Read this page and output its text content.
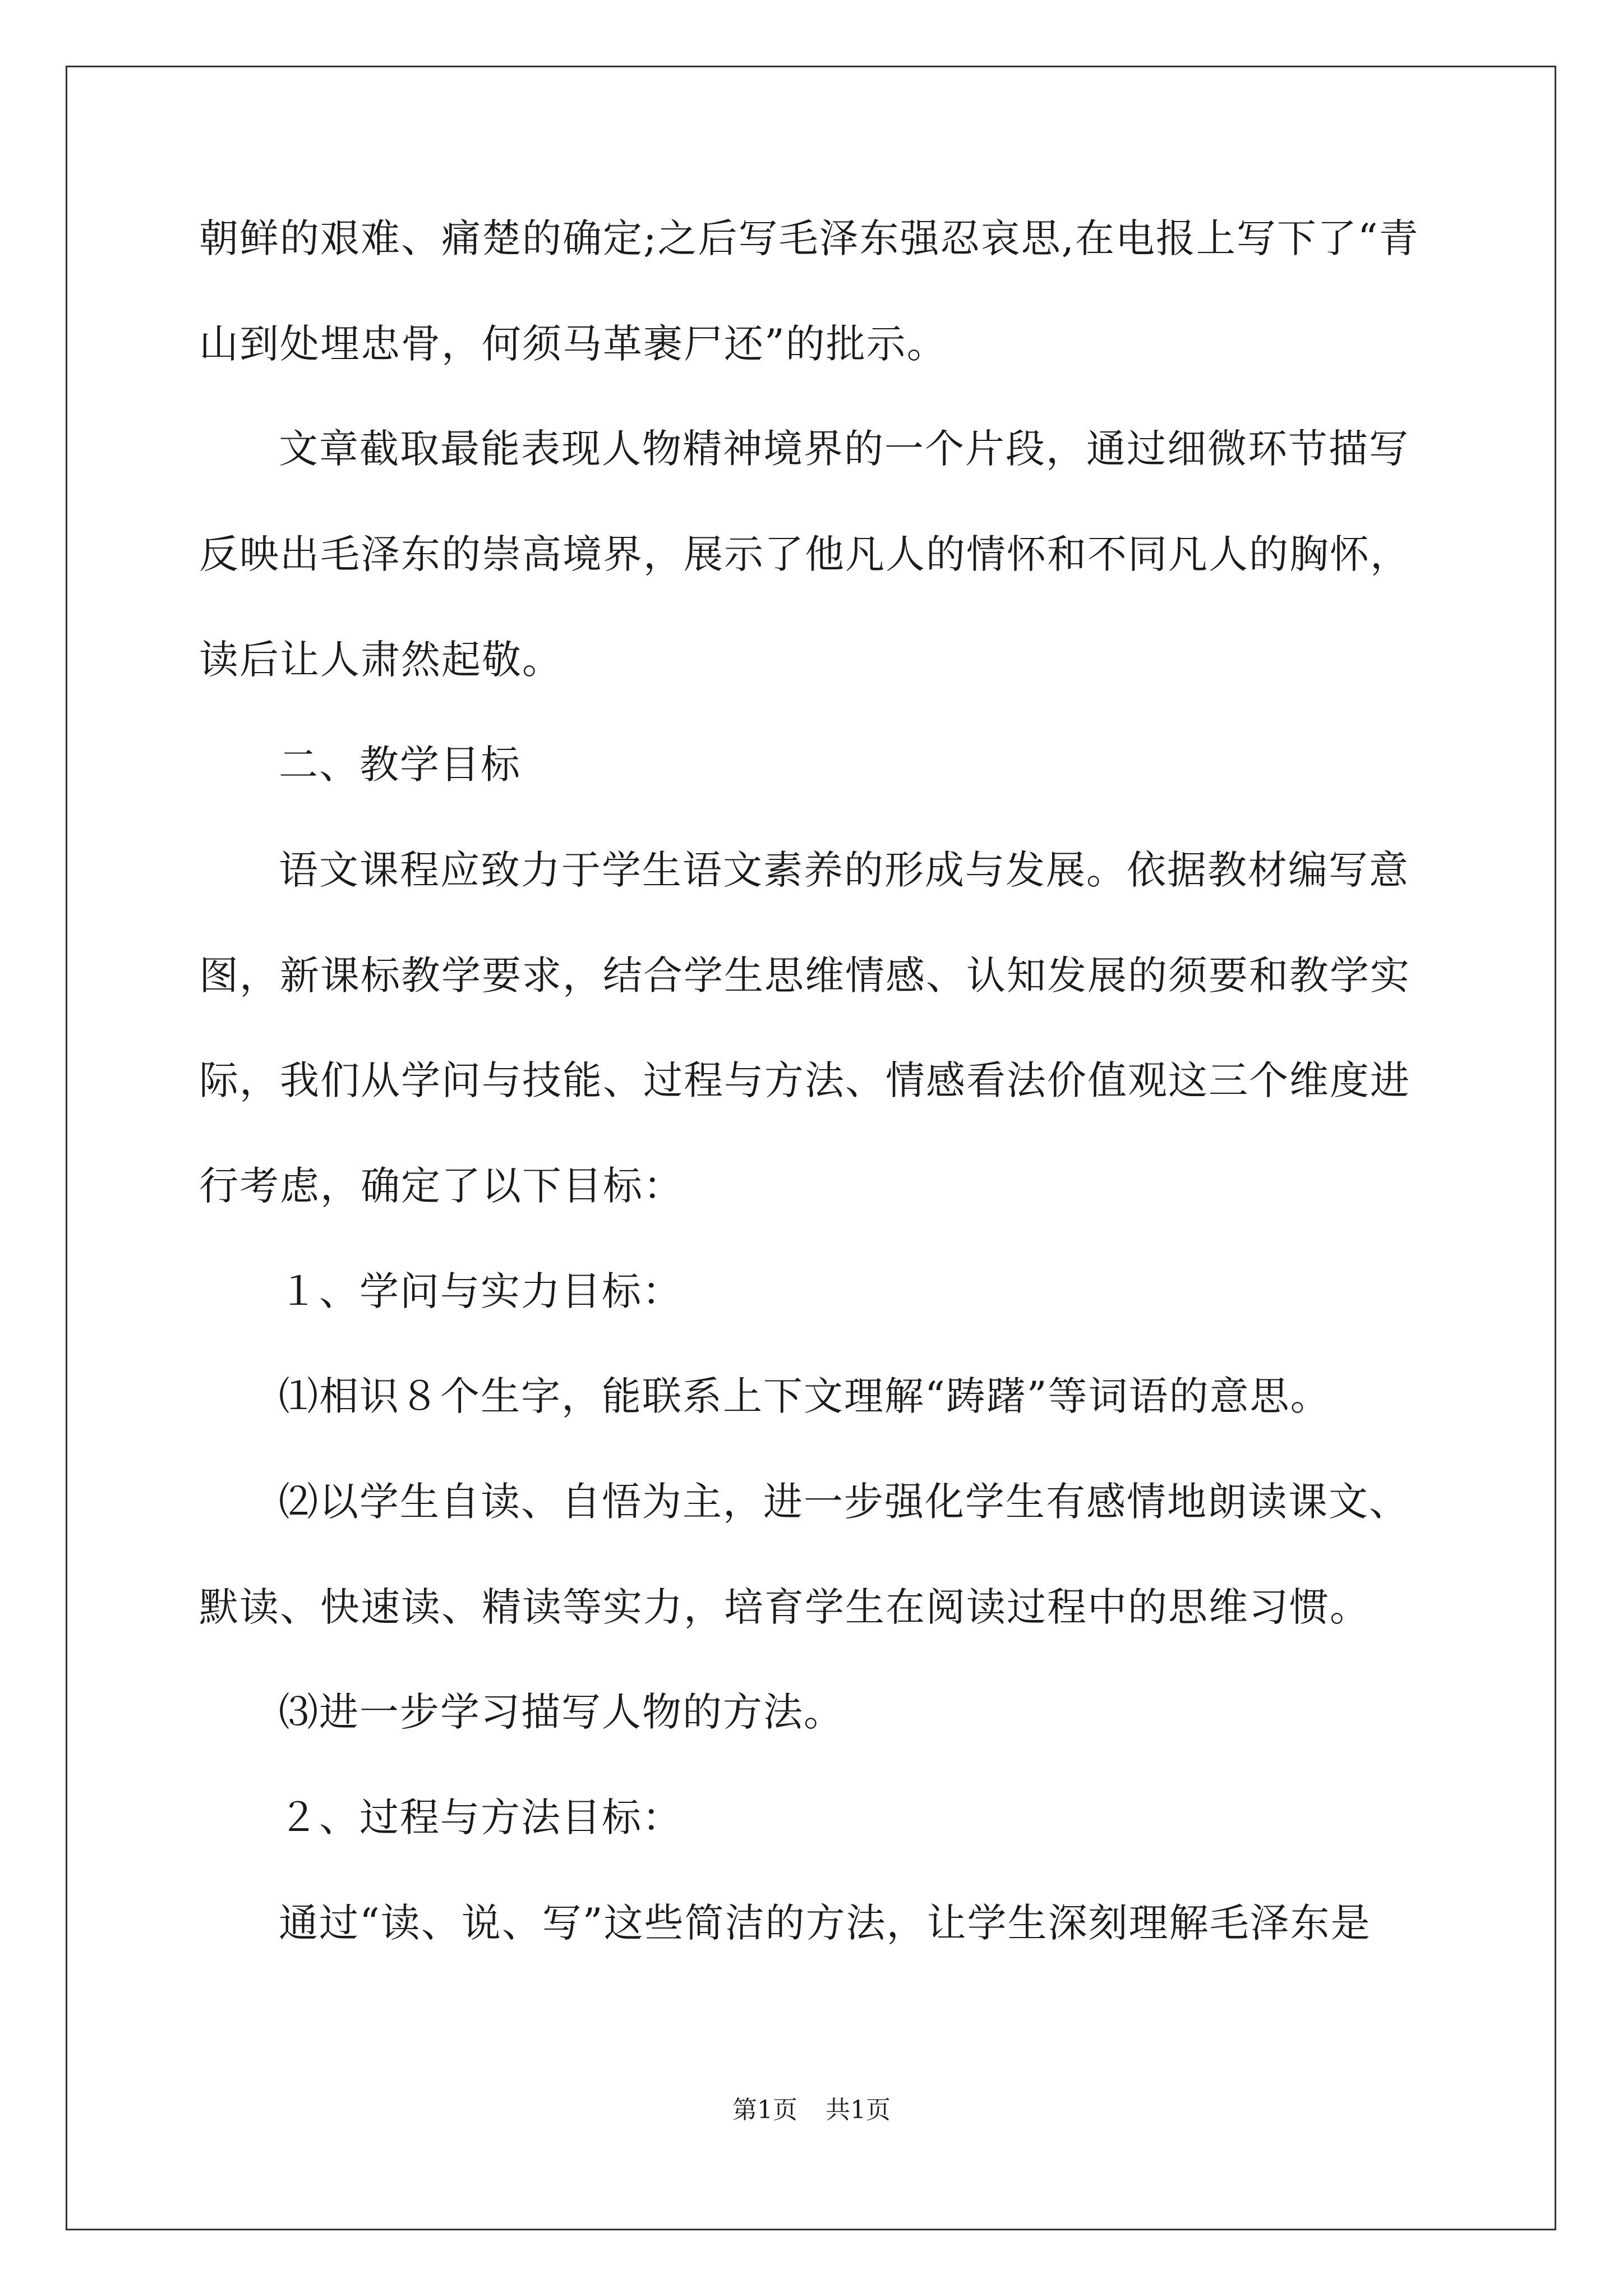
朝鲜的艰难、痛楚的确定;之后写毛泽东强忍哀思,在电报上写下了“青
山到处埋忠骨，何须马革裹尸还”的批示。
文章截取最能表现人物精神境界的一个片段，通过细微环节描写
反映出毛泽东的崇高境界，展示了他凡人的情怀和不同凡人的胸怀，
读后让人肃然起敬。
二、教学目标
语文课程应致力于学生语文素养的形成与发展。依据教材编写意
图，新课标教学要求，结合学生思维情感、认知发展的须要和教学实
际，我们从学问与技能、过程与方法、情感看法价值观这三个维度进
行考虑，确定了以下目标：
１、学问与实力目标：
⑴相识８个生字，能联系上下文理解“踌躇”等词语的意思。
⑵以学生自读、自悟为主，进一步强化学生有感情地朗读课文、
默读、快速读、精读等实力，培育学生在阅读过程中的思维习惯。
⑶进一步学习描写人物的方法。
２、过程与方法目标：
通过“读、说、写”这些简洁的方法，让学生深刻理解毛泽东是
第1页 共1页
